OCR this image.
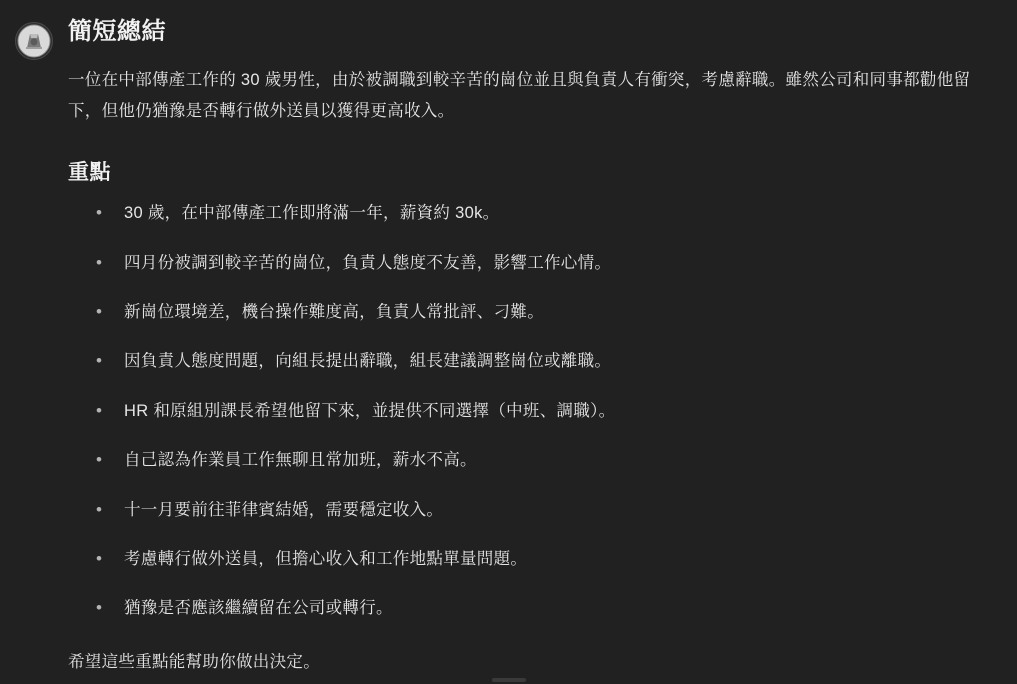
簡短總結

一位在中部傳產工作的 30 歲男性，由於被調職到較辛苦的崗位並且與負責人有衝突，考慮辭職。雖然公司和同事都勸他留下，但他仍猶豫是否轉行做外送員以獲得更高收入。

重點
• 30 歲，在中部傳產工作即將滿一年，薪資約 30k。
• 四月份被調到較辛苦的崗位，負責人態度不友善，影響工作心情。
• 新崗位環境差，機台操作難度高，負責人常批評、刁難。
• 因負責人態度問題，向組長提出辭職，組長建議調整崗位或離職。
• HR 和原組別課長希望他留下來，並提供不同選擇（中班、調職）。
• 自己認為作業員工作無聊且常加班，薪水不高。
• 十一月要前往菲律賓結婚，需要穩定收入。
• 考慮轉行做外送員，但擔心收入和工作地點單量問題。
• 猶豫是否應該繼續留在公司或轉行。

希望這些重點能幫助你做出決定。
